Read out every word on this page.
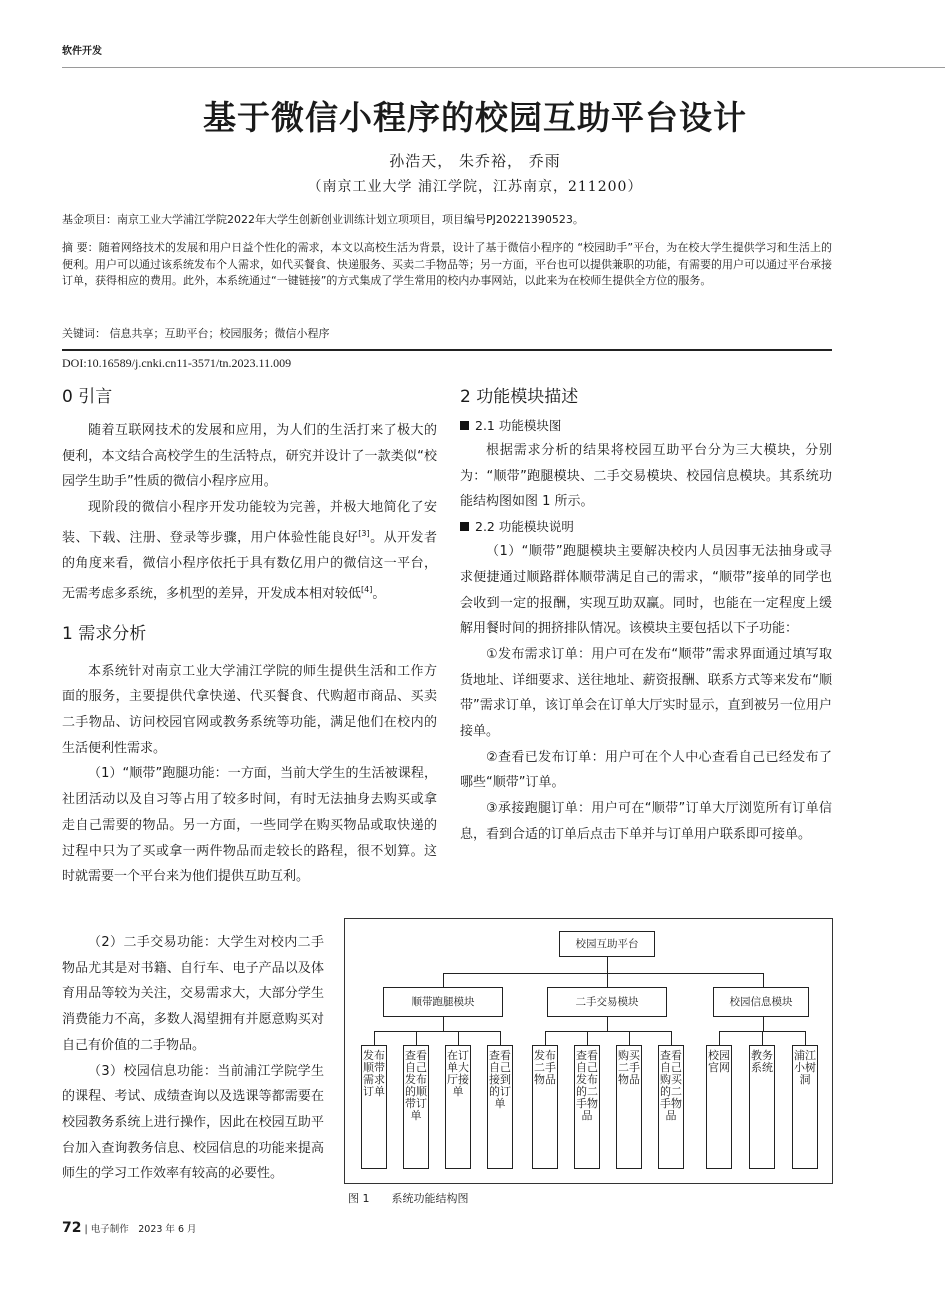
软件开发
基于微信小程序的校园互助平台设计
孙浩天， 朱乔裕， 乔雨
（南京工业大学 浦江学院，江苏南京，211200）
基金项目：南京工业大学浦江学院2022年大学生创新创业训练计划立项项目，项目编号PJ20221390523。
摘 要：随着网络技术的发展和用户日益个性化的需求，本文以高校生活为背景，设计了基于微信小程序的 “校园助手”平台，为在校大学生提供学习和生活上的便利。用户可以通过该系统发布个人需求，如代买餐食、快递服务、买卖二手物品等；另一方面，平台也可以提供兼职的功能，有需要的用户可以通过平台承接订单，获得相应的费用。此外，本系统通过“一键链接”的方式集成了学生常用的校内办事网站，以此来为在校师生提供全方位的服务。
关键词： 信息共享；互助平台；校园服务；微信小程序
DOI:10.16589/j.cnki.cn11-3571/tn.2023.11.009
0 引言

随着互联网技术的发展和应用，为人们的生活打来了极大的便利，本文结合高校学生的生活特点，研究并设计了一款类似“校园学生助手”性质的微信小程序应用。

现阶段的微信小程序开发功能较为完善，并极大地简化了安装、下载、注册、登录等步骤，用户体验性能良好[3]。从开发者的角度来看，微信小程序依托于具有数亿用户的微信这一平台，无需考虑多系统，多机型的差异，开发成本相对较低[4]。

1 需求分析

本系统针对南京工业大学浦江学院的师生提供生活和工作方面的服务，主要提供代拿快递、代买餐食、代购超市商品、买卖二手物品、访问校园官网或教务系统等功能，满足他们在校内的生活便利性需求。

（1）“顺带”跑腿功能：一方面，当前大学生的生活被课程，社团活动以及自习等占用了较多时间，有时无法抽身去购买或拿走自己需要的物品。另一方面，一些同学在购买物品或取快递的过程中只为了买或拿一两件物品而走较长的路程，很不划算。这时就需要一个平台来为他们提供互助互利。

（2）二手交易功能：大学生对校内二手物品尤其是对书籍、自行车、电子产品以及体育用品等较为关注，交易需求大，大部分学生消费能力不高，多数人渴望拥有并愿意购买对自己有价值的二手物品。

（3）校园信息功能：当前浦江学院学生的课程、考试、成绩查询以及选课等都需要在校园教务系统上进行操作，因此在校园互助平台加入查询教务信息、校园信息的功能来提高师生的学习工作效率有较高的必要性。

2 功能模块描述
2.1 功能模块图

根据需求分析的结果将校园互助平台分为三大模块，分别为：“顺带”跑腿模块、二手交易模块、校园信息模块。其系统功能结构图如图 1 所示。

2.2 功能模块说明

（1）“顺带”跑腿模块主要解决校内人员因事无法抽身或寻求便捷通过顺路群体顺带满足自己的需求，“顺带”接单的同学也会收到一定的报酬，实现互助双赢。同时，也能在一定程度上缓解用餐时间的拥挤排队情况。该模块主要包括以下子功能：

①发布需求订单：用户可在发布“顺带”需求界面通过填写取货地址、详细要求、送往地址、薪资报酬、联系方式等来发布“顺带”需求订单，该订单会在订单大厅实时显示，直到被另一位用户接单。

②查看已发布订单：用户可在个人中心查看自己已经发布了哪些“顺带”订单。

③承接跑腿订单：用户可在“顺带”订单大厅浏览所有订单信息，看到合适的订单后点击下单并与订单用户联系即可接单。

校园互助平台
顺带跑腿模块	二手交易模块	校园信息模块
发布顺带需求订单
查看自己发布的顺带订单
在订单大厅接单
查看自己接到的订单
发布二手物品
查看自己发布的二手物品
购买二手物品
查看自己购买的二手物品
校园官网
教务系统
浦江小树洞
图 1　　系统功能结构图
72 | 电子制作　2023 年 6 月
